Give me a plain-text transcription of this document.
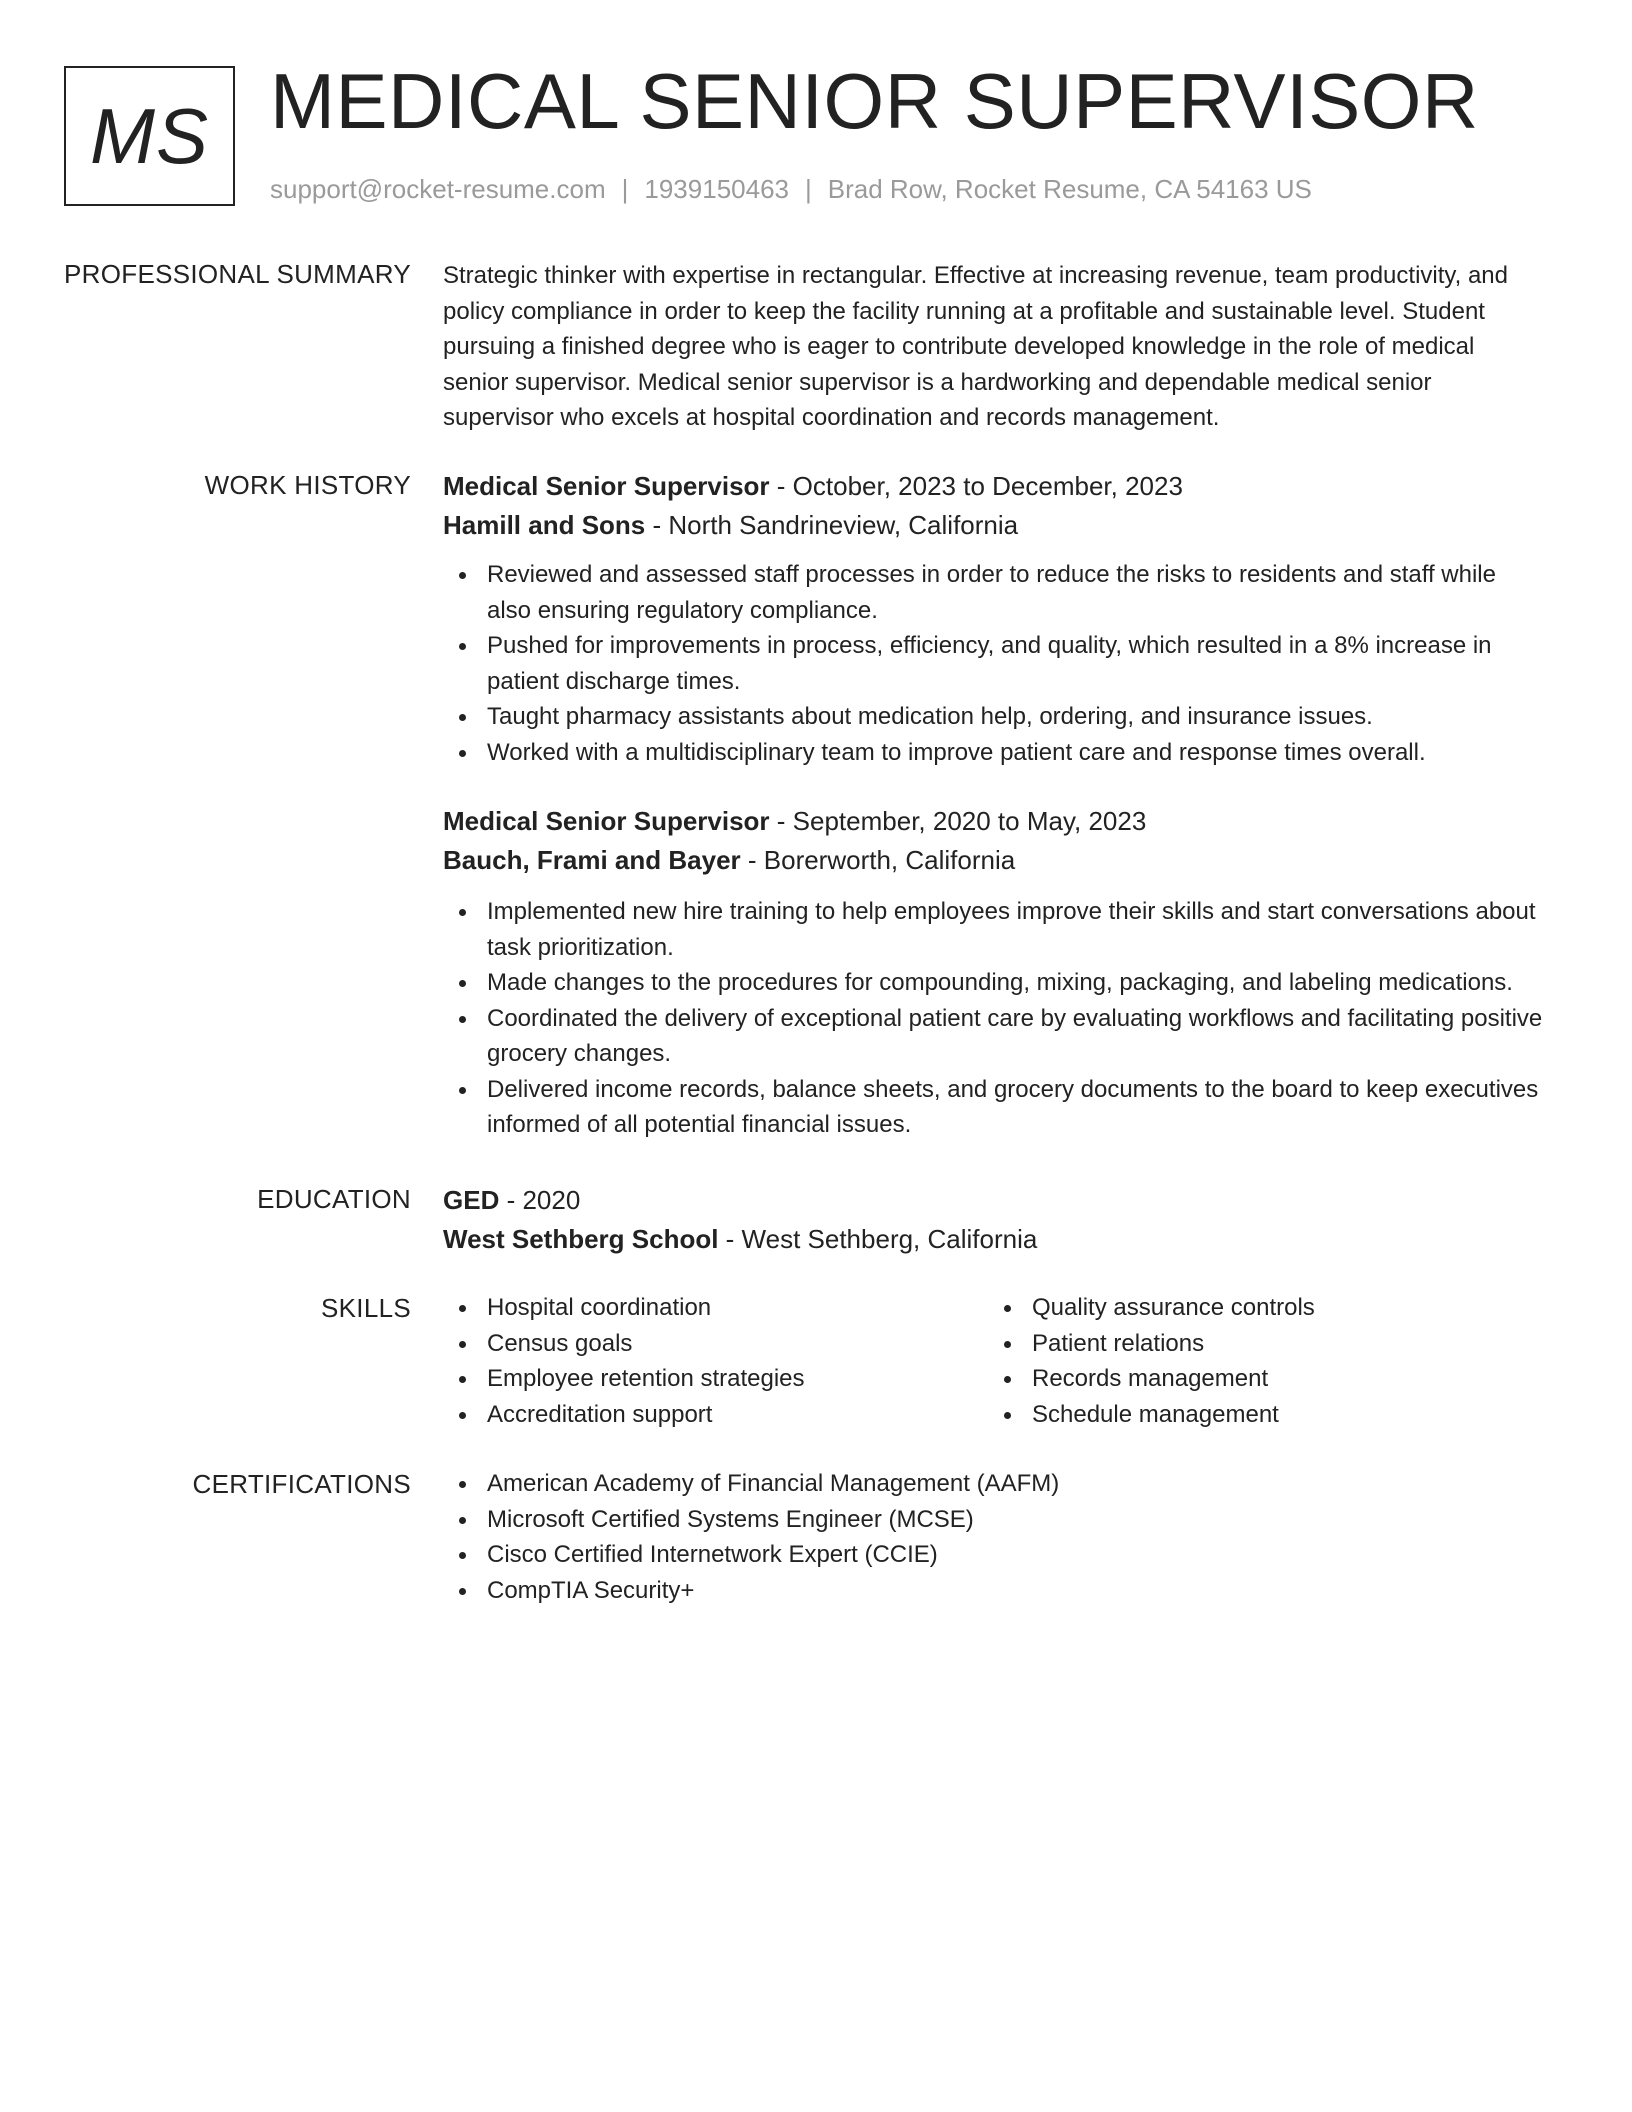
MS MEDICAL SENIOR SUPERVISOR
support@rocket-resume.com | 1939150463 | Brad Row, Rocket Resume, CA 54163 US
PROFESSIONAL SUMMARY Strategic thinker with expertise in rectangular. Effective at increasing revenue, team productivity, and policy compliance in order to keep the facility running at a profitable and sustainable level. Student pursuing a finished degree who is eager to contribute developed knowledge in the role of medical senior supervisor. Medical senior supervisor is a hardworking and dependable medical senior supervisor who excels at hospital coordination and records management.

WORK HISTORY Medical Senior Supervisor - October, 2023 to December, 2023

Hamill and Sons - North Sandrineview, California

Reviewed and assessed staff processes in order to reduce the risks to residents and staff while also ensuring regulatory compliance.
Pushed for improvements in process, efficiency, and quality, which resulted in a 8% increase in patient discharge times.
Taught pharmacy assistants about medication help, ordering, and insurance issues.
Worked with a multidisciplinary team to improve patient care and response times overall.

Medical Senior Supervisor - September, 2020 to May, 2023

Bauch, Frami and Bayer - Borerworth, California

Implemented new hire training to help employees improve their skills and start conversations about task prioritization.
Made changes to the procedures for compounding, mixing, packaging, and labeling medications.
Coordinated the delivery of exceptional patient care by evaluating workflows and facilitating positive grocery changes.
Delivered income records, balance sheets, and grocery documents to the board to keep executives informed of all potential financial issues.
EDUCATION GED - 2020

West Sethberg School - West Sethberg, California

SKILLS	Hospital coordination
Census goals
Employee retention strategies
Accreditation support
Quality assurance controls
Patient relations
Records management
Schedule management
CERTIFICATIONS	American Academy of Financial Management (AAFM)
Microsoft Certified Systems Engineer (MCSE)
Cisco Certified Internetwork Expert (CCIE)
CompTIA Security+
